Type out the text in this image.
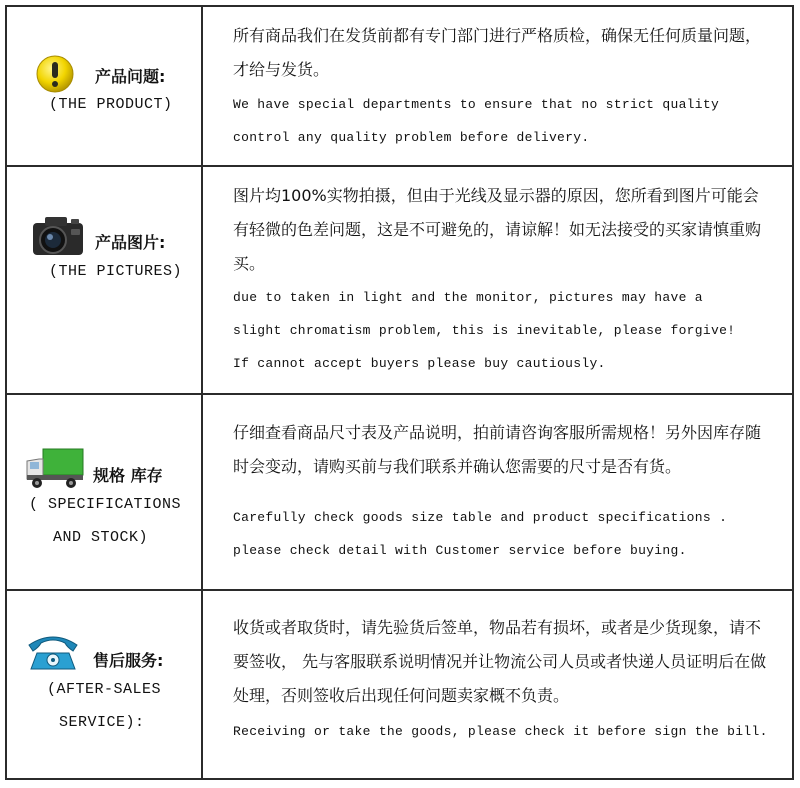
产品问题:
(THE PRODUCT)

所有商品我们在发货前都有专门部门进行严格质检，确保无任何质量问题，才给与发货。

We have special departments to ensure that no strict quality

control any quality problem before delivery.

产品图片:
(THE PICTURES)

图片均100%实物拍摄，但由于光线及显示器的原因，您所看到图片可能会有轻微的色差问题，这是不可避免的，请谅解！如无法接受的买家请慎重购买。

due to taken in light and the monitor, pictures may have a

slight chromatism problem, this is inevitable, please forgive!

If cannot accept buyers please buy cautiously.

规格 库存
( SPECIFICATIONS
AND STOCK)

仔细查看商品尺寸表及产品说明，拍前请咨询客服所需规格！另外因库存随时会变动，请购买前与我们联系并确认您需要的尺寸是否有货。

Carefully check goods size table and product specifications .

please check detail with Customer service before buying.

售后服务:
(AFTER-SALES
SERVICE):

收货或者取货时，请先验货后签单，物品若有损坏，或者是少货现象，请不要签收， 先与客服联系说明情况并让物流公司人员或者快递人员证明后在做处理，否则签收后出现任何问题卖家概不负责。

Receiving or take the goods, please check it before sign the bill.
